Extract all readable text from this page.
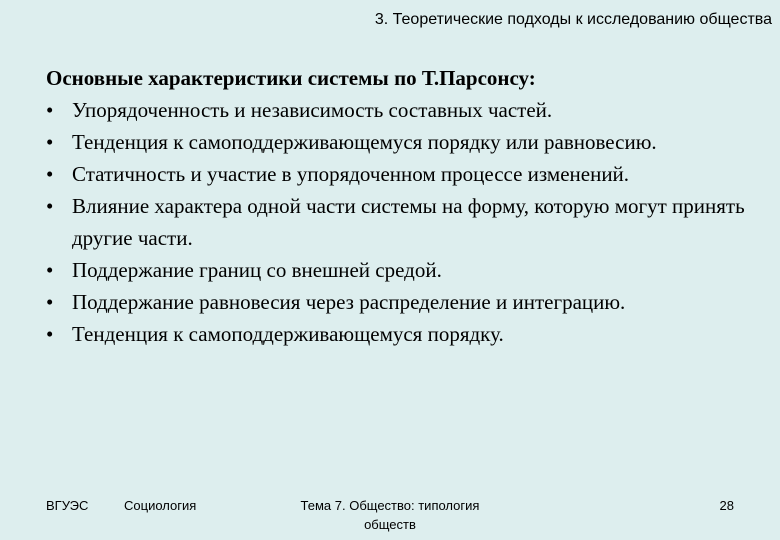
3. Теоретические подходы к исследованию общества

Основные характеристики системы по Т.Парсонсу:

• Упорядоченность и независимость составных частей.
• Тенденция к самоподдерживающемуся порядку или равновесию.
• Статичность и участие в упорядоченном процессе изменений.
• Влияние характера одной части системы на форму, которую могут принять другие части.
• Поддержание границ со внешней средой.
• Поддержание равновесия через распределение и интеграцию.
• Тенденция к самоподдерживающемуся порядку.
ВГУЭС	Социология	Тема 7. Общество: типология обществ
28
